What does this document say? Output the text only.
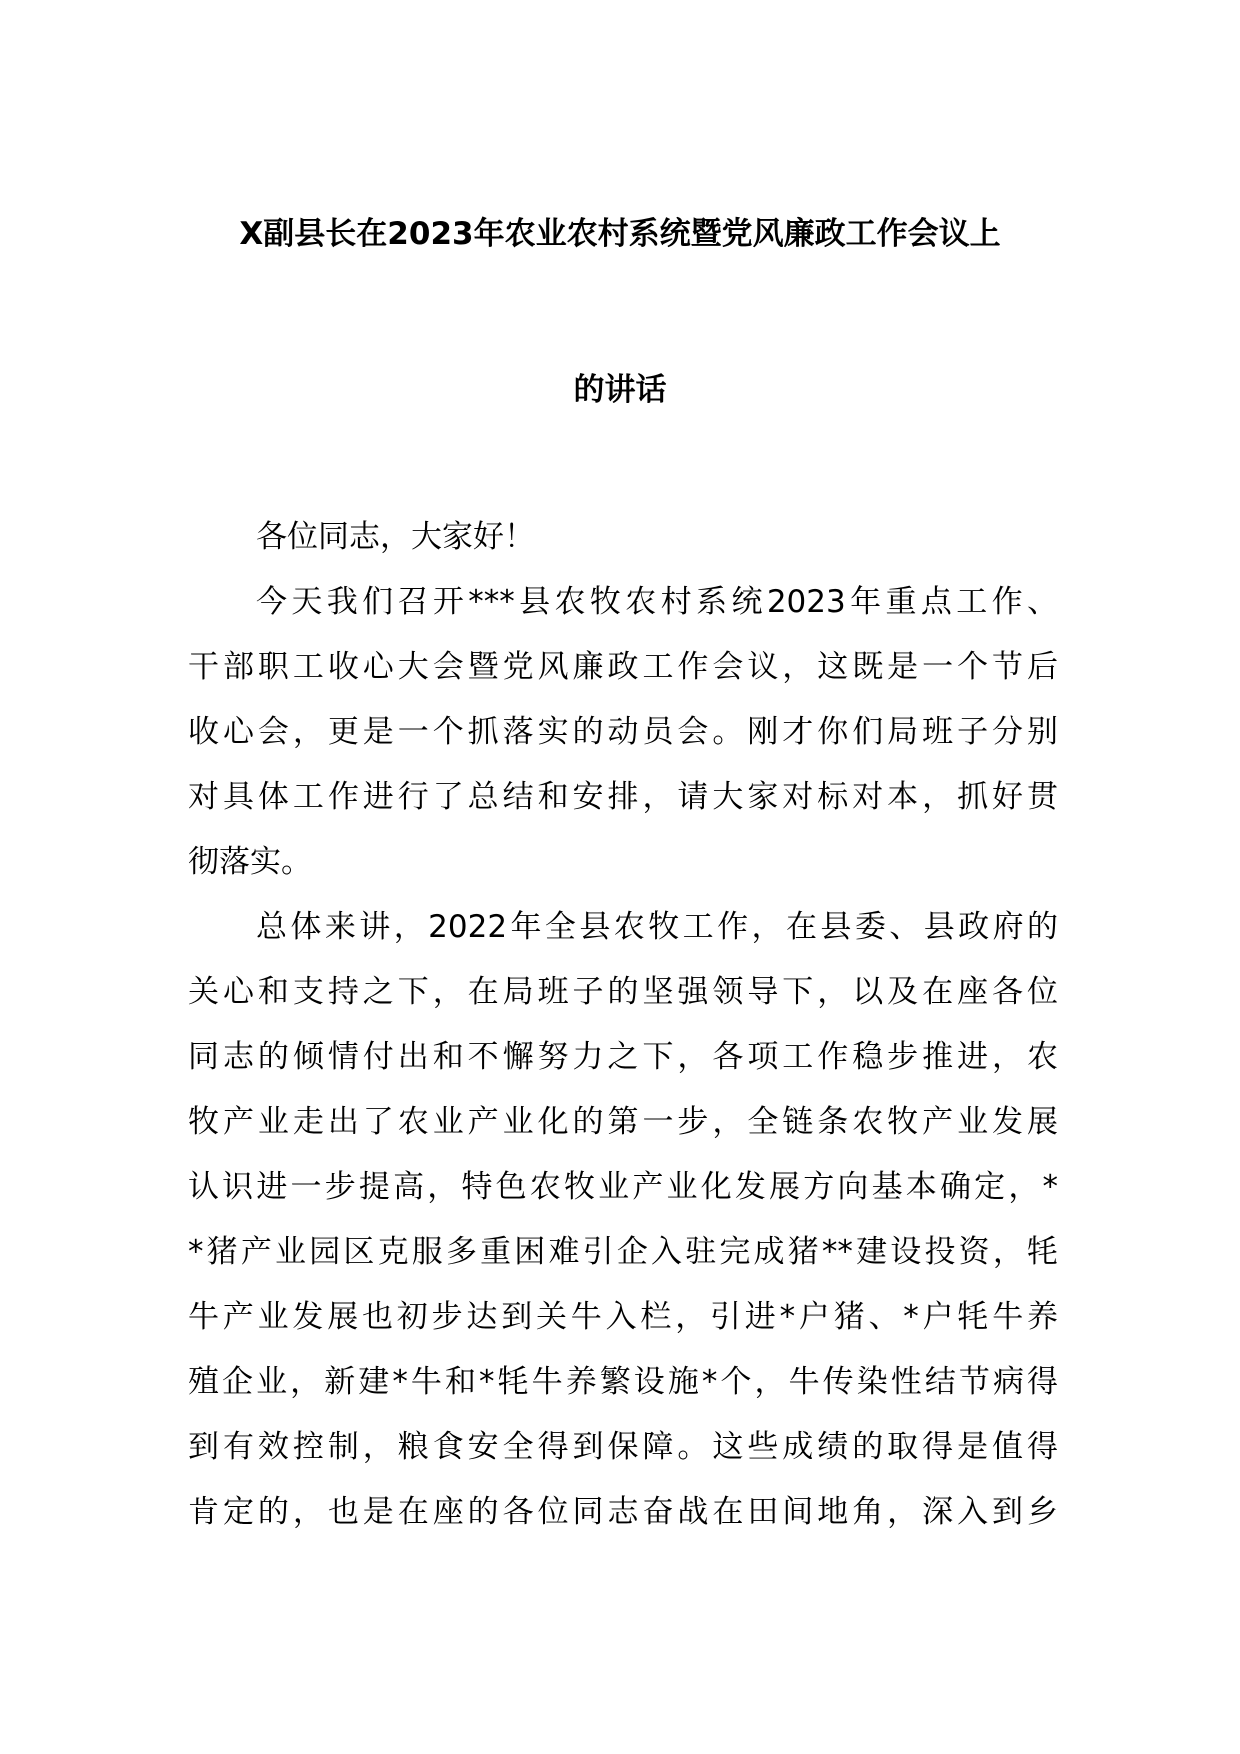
X副县长在2023年农业农村系统暨党风廉政工作会议上
的讲话
各位同志，大家好！
今天我们召开***县农牧农村系统2023年重点工作、
干部职工收心大会暨党风廉政工作会议，这既是一个节后
收心会，更是一个抓落实的动员会。刚才你们局班子分别
对具体工作进行了总结和安排，请大家对标对本，抓好贯
彻落实。
总体来讲，2022年全县农牧工作，在县委、县政府的
关心和支持之下，在局班子的坚强领导下，以及在座各位
同志的倾情付出和不懈努力之下，各项工作稳步推进，农
牧产业走出了农业产业化的第一步，全链条农牧产业发展
认识进一步提高，特色农牧业产业化发展方向基本确定，*
*猪产业园区克服多重困难引企入驻完成猪**建设投资，牦
牛产业发展也初步达到关牛入栏，引进*户猪、*户牦牛养
殖企业，新建*牛和*牦牛养繁设施*个，牛传染性结节病得
到有效控制，粮食安全得到保障。这些成绩的取得是值得
肯定的，也是在座的各位同志奋战在田间地角，深入到乡
